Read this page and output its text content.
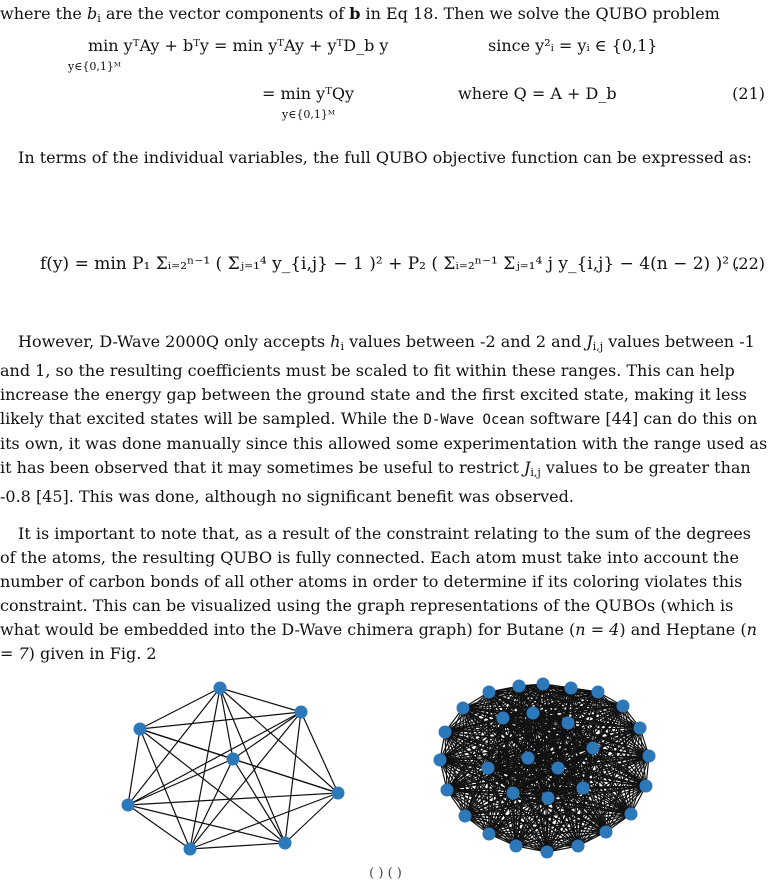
where the $b_i$ are the vector components of b in Eq 18. Then we solve the QUBO problem

min yᵀAy + bᵀy = min yᵀAy + yᵀD_b y
y∈{0,1}ᴹ
since y²ᵢ = yᵢ ∈ {0,1}
= min yᵀQy
y∈{0,1}ᴹ
where Q = A + D_b	(21)

In terms of the individual variables, the full QUBO objective function can be expressed as:

f(y) = min P₁ Σᵢ₌₂ⁿ⁻¹ ( Σⱼ₌₁⁴ y_{i,j} − 1 )² + P₂ ( Σᵢ₌₂ⁿ⁻¹ Σⱼ₌₁⁴ j y_{i,j} − 4(n − 2) )² .
(22)

However, D-Wave 2000Q only accepts $h_i$ values between -2 and 2 and $J_{i,j}$ values between -1 and 1, so the resulting coefficients must be scaled to fit within these ranges. This can help increase the energy gap between the ground state and the first excited state, making it less likely that excited states will be sampled. While the D-Wave Ocean software [44] can do this on its own, it was done manually since this allowed some experimentation with the range used as it has been observed that it may sometimes be useful to restrict $J_{i,j}$ values to be greater than -0.8 [45]. This was done, although no significant benefit was observed.

It is important to note that, as a result of the constraint relating to the sum of the degrees of the atoms, the resulting QUBO is fully connected. Each atom must take into account the number of carbon bonds of all other atoms in order to determine if its coloring violates this constraint. This can be visualized using the graph representations of the QUBOs (which is what would be embedded into the D-Wave chimera graph) for Butane (n = 4) and Heptane (n = 7) given in Fig. 2

( ) ( )
